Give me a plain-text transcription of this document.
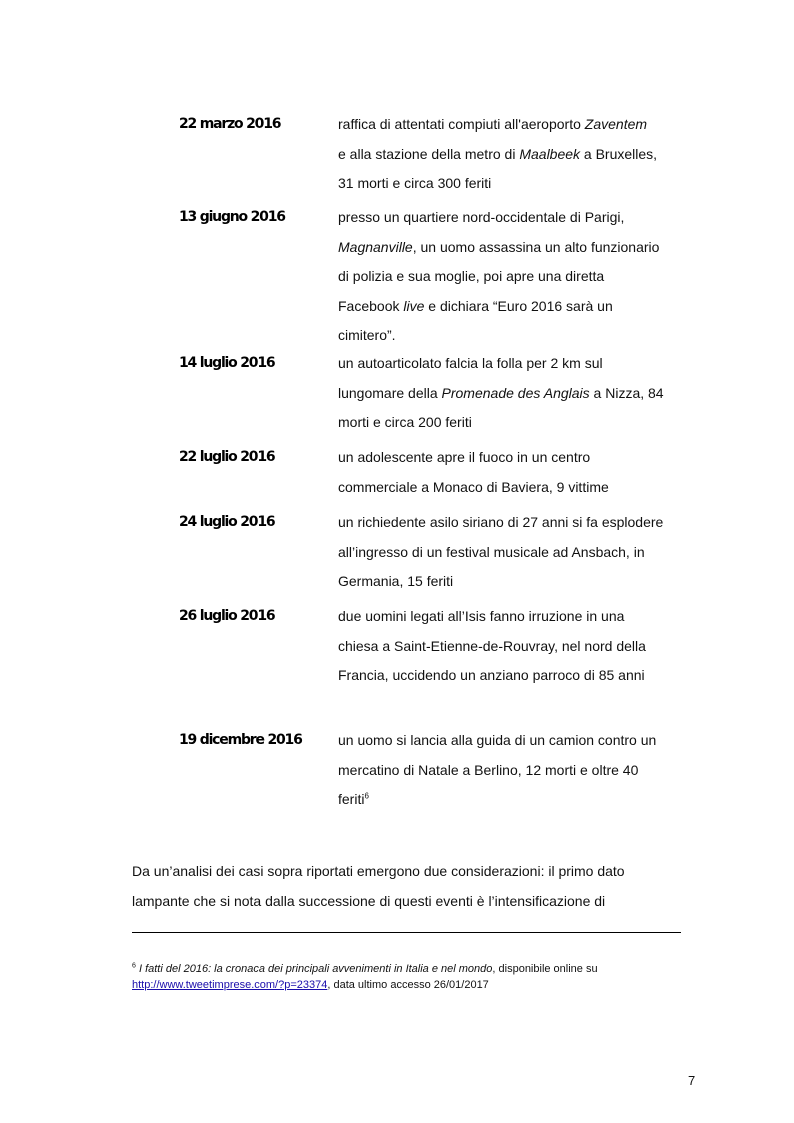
22 marzo 2016	raffica di attentati compiuti all'aeroporto Zaventem
e alla stazione della metro di Maalbeek a Bruxelles,
31 morti e circa 300 feriti
13 giugno 2016	presso un quartiere nord-occidentale di Parigi,
Magnanville, un uomo assassina un alto funzionario
di polizia e sua moglie, poi apre una diretta
Facebook live e dichiara “Euro 2016 sarà un
cimitero”.
14 luglio 2016	un autoarticolato falcia la folla per 2 km sul
lungomare della Promenade des Anglais a Nizza, 84
morti e circa 200 feriti
22 luglio 2016	un adolescente apre il fuoco in un centro
commerciale a Monaco di Baviera, 9 vittime
24 luglio 2016	un richiedente asilo siriano di 27 anni si fa esplodere
all’ingresso di un festival musicale ad Ansbach, in
Germania, 15 feriti
26 luglio 2016	due uomini legati all’Isis fanno irruzione in una
chiesa a Saint-Etienne-de-Rouvray, nel nord della
Francia, uccidendo un anziano parroco di 85 anni
19 dicembre 2016	un uomo si lancia alla guida di un camion contro un
mercatino di Natale a Berlino, 12 morti e oltre 40
feriti$^6$
Da un’analisi dei casi sopra riportati emergono due considerazioni: il primo dato
lampante che si nota dalla successione di questi eventi è l’intensificazione di
$^6$ I fatti del 2016: la cronaca dei principali avvenimenti in Italia e nel mondo, disponibile online su
http://www.tweetimprese.com/?p=23374, data ultimo accesso 26/01/2017
7
